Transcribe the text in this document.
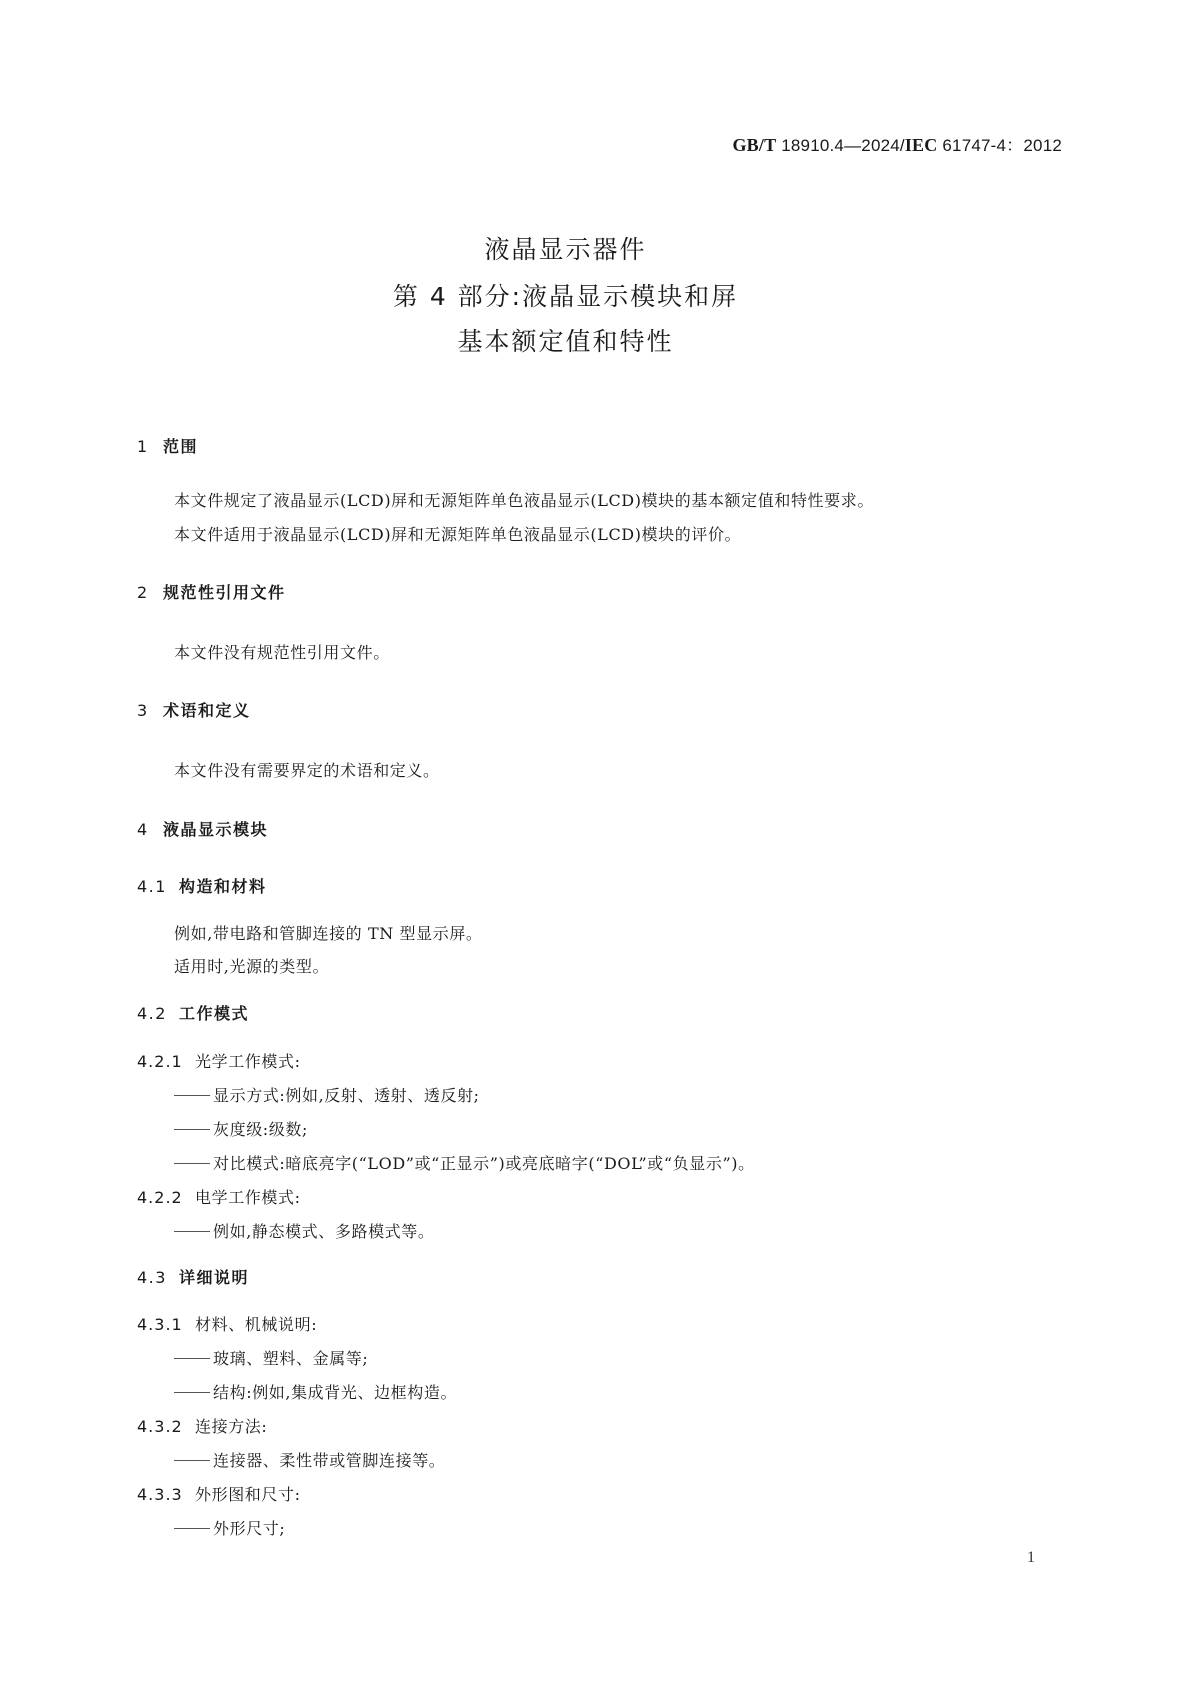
GB/T 18910.4—2024/IEC 61747-4：2012
液晶显示器件
第 4 部分:液晶显示模块和屏
基本额定值和特性
1 范围
本文件规定了液晶显示(LCD)屏和无源矩阵单色液晶显示(LCD)模块的基本额定值和特性要求。
本文件适用于液晶显示(LCD)屏和无源矩阵单色液晶显示(LCD)模块的评价。
2 规范性引用文件
本文件没有规范性引用文件。
3 术语和定义
本文件没有需要界定的术语和定义。
4 液晶显示模块
4.1 构造和材料
例如,带电路和管脚连接的 TN 型显示屏。
适用时,光源的类型。
4.2 工作模式
4.2.1 光学工作模式:
显示方式:例如,反射、透射、透反射;
灰度级:级数;
对比模式:暗底亮字(“LOD”或“正显示”)或亮底暗字(“DOL”或“负显示”)。
4.2.2 电学工作模式:
例如,静态模式、多路模式等。
4.3 详细说明
4.3.1 材料、机械说明:
玻璃、塑料、金属等;
结构:例如,集成背光、边框构造。
4.3.2 连接方法:
连接器、柔性带或管脚连接等。
4.3.3 外形图和尺寸:
外形尺寸;
1
